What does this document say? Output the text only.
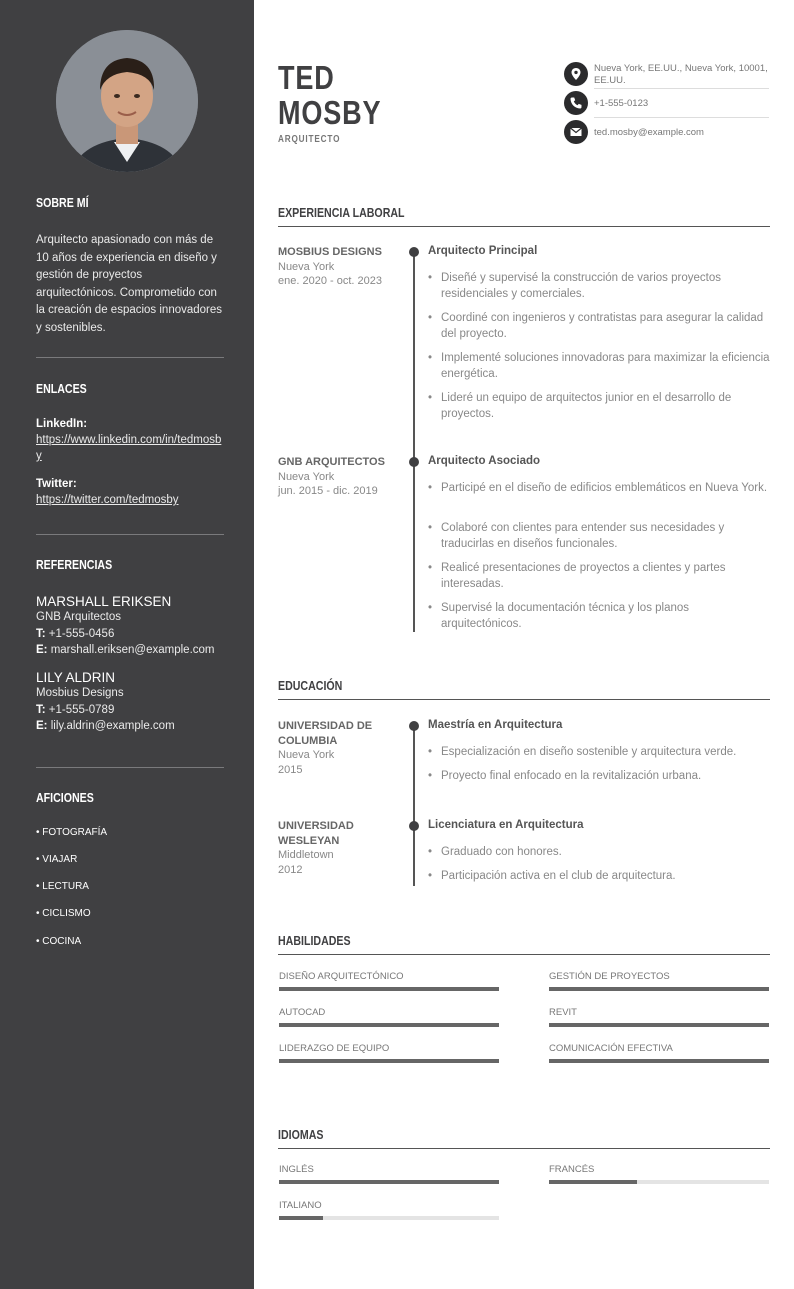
SOBRE MÍ
Arquitecto apasionado con más de 10 años de experiencia en diseño y gestión de proyectos arquitectónicos. Comprometido con la creación de espacios innovadores y sostenibles.
ENLACES
LinkedIn:
https://www.linkedin.com/in/tedmosby
Twitter:
https://twitter.com/tedmosby
REFERENCIAS
MARSHALL ERIKSEN
GNB Arquitectos
T: +1-555-0456
E: marshall.eriksen@example.com
LILY ALDRIN
Mosbius Designs
T: +1-555-0789
E: lily.aldrin@example.com
AFICIONES
• FOTOGRAFÍA
• VIAJAR
• LECTURA
• CICLISMO
• COCINA
TED
MOSBY
ARQUITECTO
Nueva York, EE.UU., Nueva York, 10001, EE.UU.
+1-555-0123
ted.mosby@example.com
EXPERIENCIA LABORAL
MOSBIUS DESIGNS
Nueva York
ene. 2020 - oct. 2023
Arquitecto Principal
• Diseñé y supervisé la construcción de varios proyectos residenciales y comerciales.
• Coordiné con ingenieros y contratistas para asegurar la calidad del proyecto.
• Implementé soluciones innovadoras para maximizar la eficiencia energética.
• Lideré un equipo de arquitectos junior en el desarrollo de proyectos.
GNB ARQUITECTOS
Nueva York
jun. 2015 - dic. 2019
Arquitecto Asociado
• Participé en el diseño de edificios emblemáticos en Nueva York.
• Colaboré con clientes para entender sus necesidades y traducirlas en diseños funcionales.
• Realicé presentaciones de proyectos a clientes y partes interesadas.
• Supervisé la documentación técnica y los planos arquitectónicos.
EDUCACIÓN
UNIVERSIDAD DE COLUMBIA
Nueva York
2015
Maestría en Arquitectura
• Especialización en diseño sostenible y arquitectura verde.
• Proyecto final enfocado en la revitalización urbana.
UNIVERSIDAD WESLEYAN
Middletown
2012
Licenciatura en Arquitectura
• Graduado con honores.
• Participación activa en el club de arquitectura.
HABILIDADES
DISEÑO ARQUITECTÓNICO	GESTIÓN DE PROYECTOS
AUTOCAD	REVIT
LIDERAZGO DE EQUIPO	COMUNICACIÓN EFECTIVA
IDIOMAS
INGLÉS	FRANCÉS
ITALIANO
